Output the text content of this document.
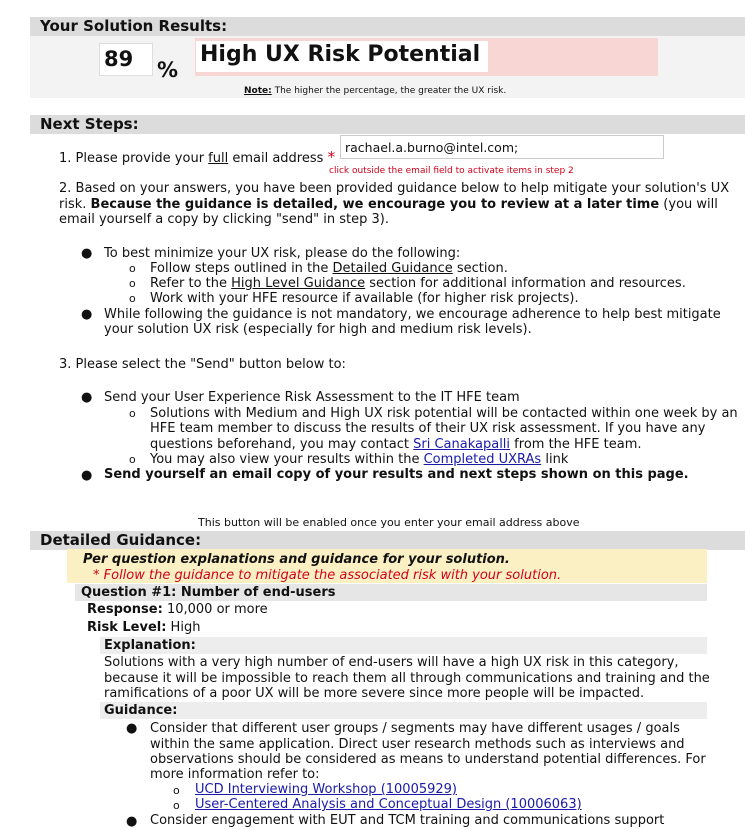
Your Solution Results:
89 %
High UX Risk Potential
Note: The higher the percentage, the greater the UX risk.
Next Steps:
1. Please provide your full email address *
rachael.a.burno@intel.com;
click outside the email field to activate items in step 2
2. Based on your answers, you have been provided guidance below to help mitigate your solution's UX
risk. Because the guidance is detailed, we encourage you to review at a later time (you will
email yourself a copy by clicking "send" in step 3).
● To best minimize your UX risk, please do the following:
o Follow steps outlined in the Detailed Guidance section.
o Refer to the High Level Guidance section for additional information and resources.
o Work with your HFE resource if available (for higher risk projects).
● While following the guidance is not mandatory, we encourage adherence to help best mitigate
your solution UX risk (especially for high and medium risk levels).
3. Please select the "Send" button below to:
● Send your User Experience Risk Assessment to the IT HFE team
o Solutions with Medium and High UX risk potential will be contacted within one week by an
HFE team member to discuss the results of their UX risk assessment. If you have any
questions beforehand, you may contact Sri Canakapalli from the HFE team.
o You may also view your results within the Completed UXRAs link
● Send yourself an email copy of your results and next steps shown on this page.
This button will be enabled once you enter your email address above
Detailed Guidance:
Per question explanations and guidance for your solution.
* Follow the guidance to mitigate the associated risk with your solution.
Question #1: Number of end-users
Response: 10,000 or more
Risk Level: High
Explanation:
Solutions with a very high number of end-users will have a high UX risk in this category,
because it will be impossible to reach them all through communications and training and the
ramifications of a poor UX will be more severe since more people will be impacted.
Guidance:
● Consider that different user groups / segments may have different usages / goals
within the same application. Direct user research methods such as interviews and
observations should be considered as means to understand potential differences. For
more information refer to:
o UCD Interviewing Workshop (10005929)
o User-Centered Analysis and Conceptual Design (10006063)
● Consider engagement with EUT and TCM training and communications support
